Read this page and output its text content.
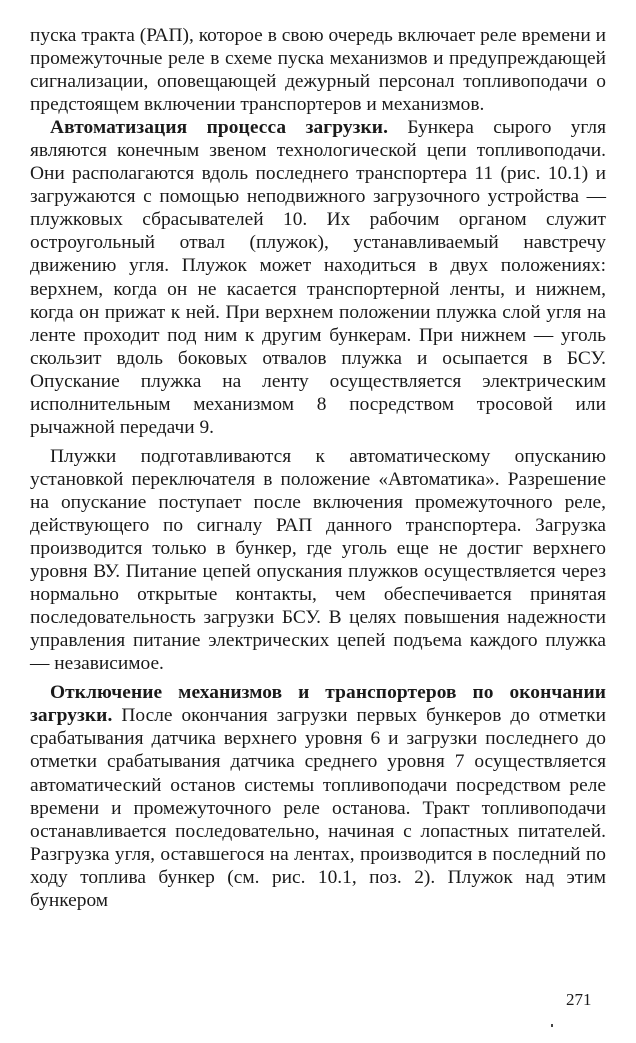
пуска тракта (РАП), которое в свою очередь включает реле времени и промежуточные реле в схеме пуска механизмов и предупреждающей сигнализации, оповещающей дежурный персонал топливоподачи о предстоящем включении транспортеров и механизмов.

Автоматизация процесса загрузки. Бункера сырого угля являются конечным звеном технологической цепи топливоподачи. Они располагаются вдоль последнего транспортера 11 (рис. 10.1) и загружаются с помощью неподвижного загрузочного устройства — плужковых сбрасывателей 10. Их рабочим органом служит остроугольный отвал (плужок), устанавливаемый навстречу движению угля. Плужок может находиться в двух положениях: верхнем, когда он не касается транспортерной ленты, и нижнем, когда он прижат к ней. При верхнем положении плужка слой угля на ленте проходит под ним к другим бункерам. При нижнем — уголь скользит вдоль боковых отвалов плужка и осыпается в БСУ. Опускание плужка на ленту осуществляется электрическим исполнительным механизмом 8 посредством тросовой или рычажной передачи 9.

Плужки подготавливаются к автоматическому опусканию установкой переключателя в положение «Автоматика». Разрешение на опускание поступает после включения промежуточного реле, действующего по сигналу РАП данного транспортера. Загрузка производится только в бункер, где уголь еще не достиг верхнего уровня ВУ. Питание цепей опускания плужков осуществляется через нормально открытые контакты, чем обеспечивается принятая последовательность загрузки БСУ. В целях повышения надежности управления питание электрических цепей подъема каждого плужка — независимое.

Отключение механизмов и транспортеров по окончании загрузки. После окончания загрузки первых бункеров до отметки срабатывания датчика верхнего уровня 6 и загрузки последнего до отметки срабатывания датчика среднего уровня 7 осуществляется автоматический останов системы топливоподачи посредством реле времени и промежуточного реле останова. Тракт топливоподачи останавливается последовательно, начиная с лопастных питателей. Разгрузка угля, оставшегося на лентах, производится в последний по ходу топлива бункер (см. рис. 10.1, поз. 2). Плужок над этим бункером

271
